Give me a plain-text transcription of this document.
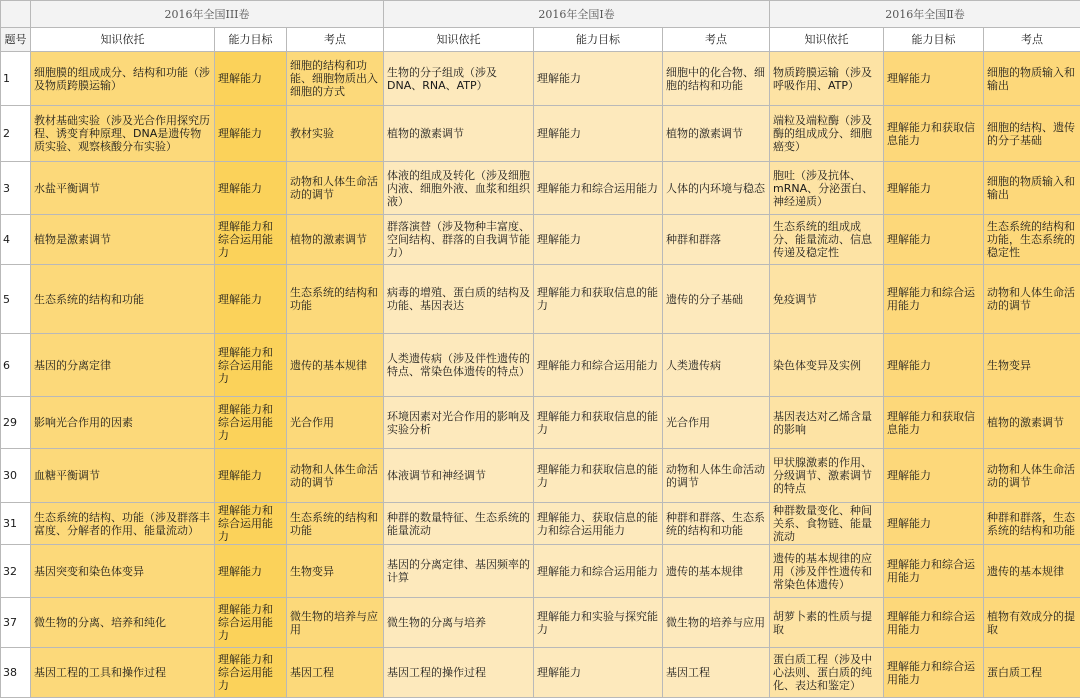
	2016年全国III卷			2016年全国Ⅰ卷			2016年全国Ⅱ卷		
题号	知识依托	能力目标	考点	知识依托	能力目标	考点	知识依托	能力目标	考点
1	细胞膜的组成成分、结构和功能（涉及物质跨膜运输）	理解能力	细胞的结构和功能、细胞物质出入细胞的方式	生物的分子组成（涉及DNA、RNA、ATP）	理解能力	细胞中的化合物、细胞的结构和功能	物质跨膜运输（涉及呼吸作用、ATP）	理解能力	细胞的物质输入和输出
2	教材基础实验（涉及光合作用探究历程、诱变育种原理、DNA是遗传物质实验、观察核酸分布实验）	理解能力	教材实验	植物的激素调节	理解能力	植物的激素调节	端粒及端粒酶（涉及酶的组成成分、细胞癌变）	理解能力和获取信息能力	细胞的结构、遗传的分子基础
3	水盐平衡调节	理解能力	动物和人体生命活动的调节	体液的组成及转化（涉及细胞内液、细胞外液、血浆和组织液）	理解能力和综合运用能力	人体的内环境与稳态	胞吐（涉及抗体、mRNA、分泌蛋白、神经递质）	理解能力	细胞的物质输入和输出
4	植物是激素调节	理解能力和综合运用能力	植物的激素调节	群落演替（涉及物种丰富度、空间结构、群落的自我调节能力）	理解能力	种群和群落	生态系统的组成成分、能量流动、信息传递及稳定性	理解能力	生态系统的结构和功能，生态系统的稳定性
5	生态系统的结构和功能	理解能力	生态系统的结构和功能	病毒的增殖、蛋白质的结构及功能、基因表达	理解能力和获取信息的能力	遗传的分子基础	免疫调节	理解能力和综合运用能力	动物和人体生命活动的调节
6	基因的分离定律	理解能力和综合运用能力	遗传的基本规律	人类遗传病（涉及伴性遗传的特点、常染色体遗传的特点）	理解能力和综合运用能力	人类遗传病	染色体变异及实例	理解能力	生物变异
29	影响光合作用的因素	理解能力和综合运用能力	光合作用	环境因素对光合作用的影响及实验分析	理解能力和获取信息的能力	光合作用	基因表达对乙烯含量的影响	理解能力和获取信息能力	植物的激素调节
30	血糖平衡调节	理解能力	动物和人体生命活动的调节	体液调节和神经调节	理解能力和获取信息的能力	动物和人体生命活动的调节	甲状腺激素的作用、分级调节、激素调节的特点	理解能力	动物和人体生命活动的调节
31	生态系统的结构、功能（涉及群落丰富度、分解者的作用、能量流动）	理解能力和综合运用能力	生态系统的结构和功能	种群的数量特征、生态系统的能量流动	理解能力、获取信息的能力和综合运用能力	种群和群落、生态系统的结构和功能	种群数量变化、种间关系、食物链、能量流动	理解能力	种群和群落，生态系统的结构和功能
32	基因突变和染色体变异	理解能力	生物变异	基因的分离定律、基因频率的计算	理解能力和综合运用能力	遗传的基本规律	遗传的基本规律的应用（涉及伴性遗传和常染色体遗传）	理解能力和综合运用能力	遗传的基本规律
37	微生物的分离、培养和纯化	理解能力和综合运用能力	微生物的培养与应用	微生物的分离与培养	理解能力和实验与探究能力	微生物的培养与应用	胡萝卜素的性质与提取	理解能力和综合运用能力	植物有效成分的提取
38	基因工程的工具和操作过程	理解能力和综合运用能力	基因工程	基因工程的操作过程	理解能力	基因工程	蛋白质工程（涉及中心法则、蛋白质的纯化、表达和鉴定）	理解能力和综合运用能力	蛋白质工程
